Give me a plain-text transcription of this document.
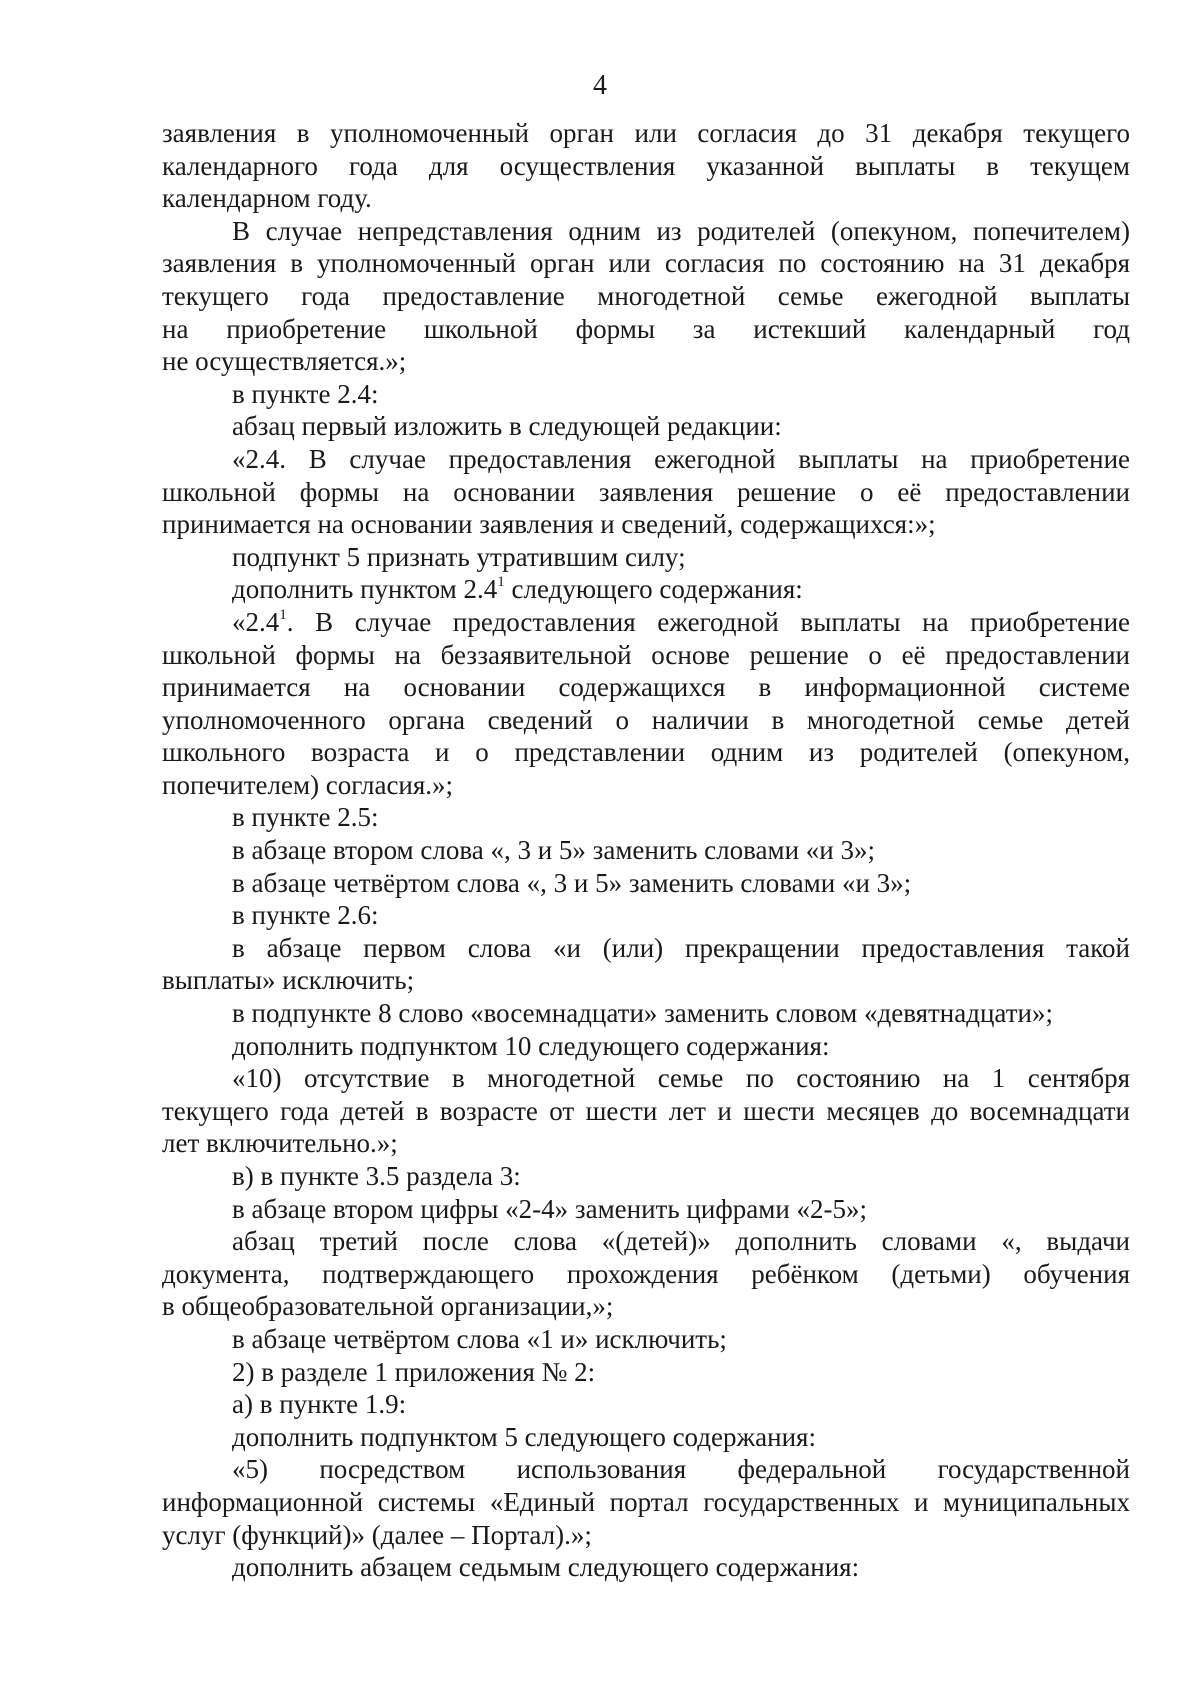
4
заявления в уполномоченный орган или согласия до 31 декабря текущего
календарного года для осуществления указанной выплаты в текущем
календарном году.
В случае непредставления одним из родителей (опекуном, попечителем)
заявления в уполномоченный орган или согласия по состоянию на 31 декабря
текущего года предоставление многодетной семье ежегодной выплаты
на приобретение школьной формы за истекший календарный год
не осуществляется.»;
в пункте 2.4:
абзац первый изложить в следующей редакции:
«2.4. В случае предоставления ежегодной выплаты на приобретение
школьной формы на основании заявления решение о её предоставлении
принимается на основании заявления и сведений, содержащихся:»;
подпункт 5 признать утратившим силу;
дополнить пунктом $2.4^1$ следующего содержания:
«$2.4^1$. В случае предоставления ежегодной выплаты на приобретение
школьной формы на беззаявительной основе решение о её предоставлении
принимается на основании содержащихся в информационной системе
уполномоченного органа сведений о наличии в многодетной семье детей
школьного возраста и о представлении одним из родителей (опекуном,
попечителем) согласия.»;
в пункте 2.5:
в абзаце втором слова «, 3 и 5» заменить словами «и 3»;
в абзаце четвёртом слова «, 3 и 5» заменить словами «и 3»;
в пункте 2.6:
в абзаце первом слова «и (или) прекращении предоставления такой
выплаты» исключить;
в подпункте 8 слово «восемнадцати» заменить словом «девятнадцати»;
дополнить подпунктом 10 следующего содержания:
«10) отсутствие в многодетной семье по состоянию на 1 сентября
текущего года детей в возрасте от шести лет и шести месяцев до восемнадцати
лет включительно.»;
в) в пункте 3.5 раздела 3:
в абзаце втором цифры «2-4» заменить цифрами «2-5»;
абзац третий после слова «(детей)» дополнить словами «, выдачи
документа, подтверждающего прохождения ребёнком (детьми) обучения
в общеобразовательной организации,»;
в абзаце четвёртом слова «1 и» исключить;
2) в разделе 1 приложения № 2:
а) в пункте 1.9:
дополнить подпунктом 5 следующего содержания:
«5) посредством использования федеральной государственной
информационной системы «Единый портал государственных и муниципальных
услуг (функций)» (далее – Портал).»;
дополнить абзацем седьмым следующего содержания:
